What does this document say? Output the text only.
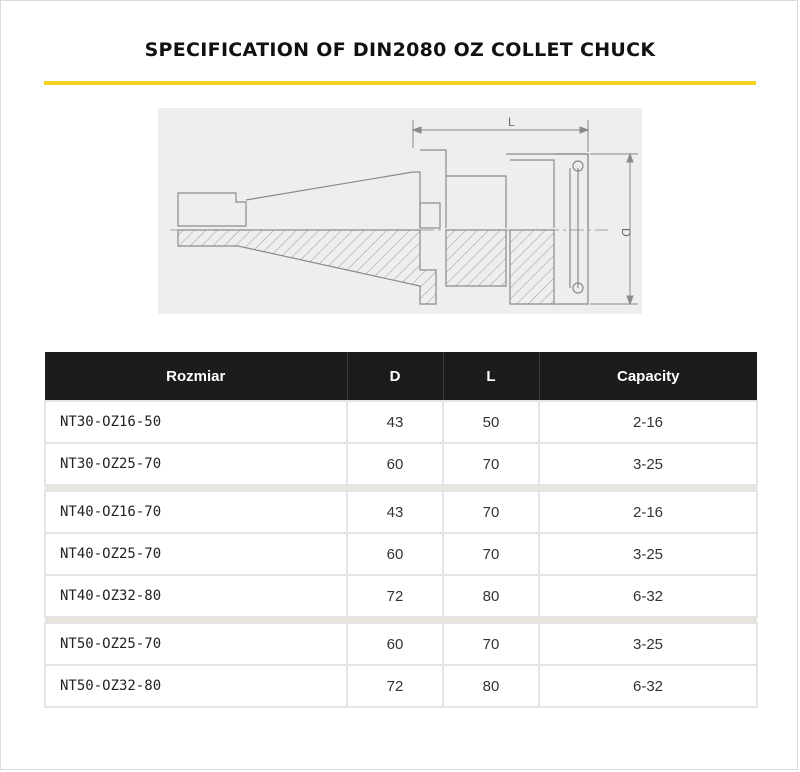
SPECIFICATION OF DIN2080 OZ COLLET CHUCK
L
D
Rozmiar	D	L	Capacity
NT30-OZ16-50	43	50	2-16
NT30-OZ25-70	60	70	3-25

NT40-OZ16-70	43	70	2-16
NT40-OZ25-70	60	70	3-25
NT40-OZ32-80	72	80	6-32

NT50-OZ25-70	60	70	3-25
NT50-OZ32-80	72	80	6-32
